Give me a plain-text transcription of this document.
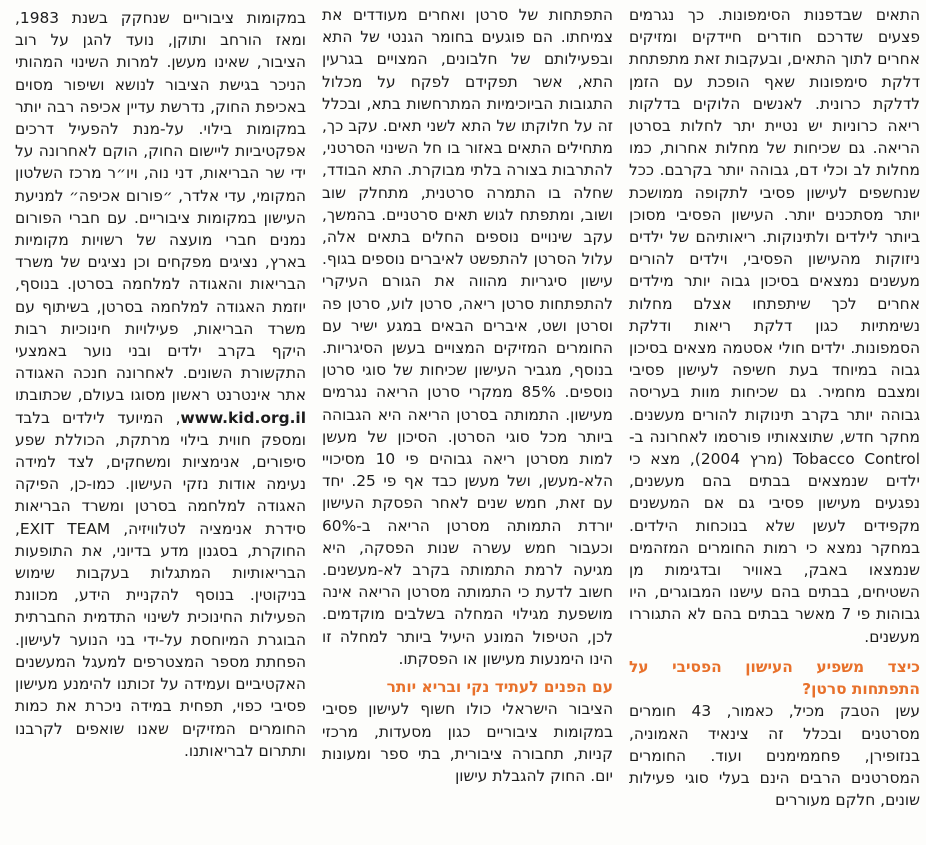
התאים שבדפנות הסימפונות. כך נגרמים פצעים שדרכם חודרים חיידקים ומזיקים אחרים לתוך התאים, ובעקבות זאת מתפתחת דלקת סימפונות שאף הופכת עם הזמן לדלקת כרונית. לאנשים הלוקים בדלקות ריאה כרוניות יש נטיית יתר לחלות בסרטן הריאה. גם שכיחות של מחלות אחרות, כמו מחלות לב וכלי דם, גבוהה יותר בקרבם. ככל שנחשפים לעישון פסיבי לתקופה ממושכת יותר מסתכנים יותר. העישון הפסיבי מסוכן ביותר לילדים ולתינוקות. ריאותיהם של ילדים ניזוקות מהעישון הפסיבי, וילדים להורים מעשנים נמצאים בסיכון גבוה יותר מילדים אחרים לכך שיתפתחו אצלם מחלות נשימתיות כגון דלקת ריאות ודלקת הסמפונות. ילדים חולי אסטמה מצאים בסיכון גבוה במיוחד בעת חשיפה לעישון פסיבי ומצבם מחמיר. גם שכיחות מוות בעריסה גבוהה יותר בקרב תינוקות להורים מעשנים. מחקר חדש, שתוצאותיו פורסמו לאחרונה ב-Tobacco Control (מרץ 2004), מצא כי ילדים שנמצאים בבתים בהם מעשנים, נפגעים מעישון פסיבי גם אם המעשנים מקפידים לעשן שלא בנוכחות הילדים. במחקר נמצא כי רמות החומרים המזהמים שנמצאו באבק, באוויר ובדגימות מן השטיחים, בבתים בהם עישנו המבוגרים, היו גבוהות פי 7 מאשר בבתים בהם לא התגוררו מעשנים.

כיצד משפיע העישון הפסיבי על התפתחות סרטן?

עשן הטבק מכיל, כאמור, 43 חומרים מסרטנים ובכלל זה צינאיד האמוניה, בנזופירן, פחממימנים ועוד. החומרים המסרטנים הרבים הינם בעלי סוגי פעילות שונים, חלקם מעוררים

התפתחות של סרטן ואחרים מעודדים את צמיחתו. הם פוגעים בחומר הגנטי של התא ובפעילותם של חלבונים, המצויים בגרעין התא, אשר תפקידם לפקח על מכלול התגובות הביוכימיות המתרחשות בתא, ובכלל זה על חלוקתו של התא לשני תאים. עקב כך, מתחילים התאים באזור בו חל השינוי הסרטני, להתרבות בצורה בלתי מבוקרת. התא הבודד, שחלה בו התמרה סרטנית, מתחלק שוב ושוב, ומתפתח לגוש תאים סרטניים. בהמשך, עקב שינויים נוספים החלים בתאים אלה, עלול הסרטן להתפשט לאיברים נוספים בגוף. עישון סיגריות מהווה את הגורם העיקרי להתפתחות סרטן ריאה, סרטן לוע, סרטן פה וסרטן ושט, איברים הבאים במגע ישיר עם החומרים המזיקים המצויים בעשן הסיגריות. בנוסף, מגביר העישון שכיחות של סוגי סרטן נוספים. 85% ממקרי סרטן הריאה נגרמים מעישון. התמותה בסרטן הריאה היא הגבוהה ביותר מכל סוגי הסרטן. הסיכון של מעשן למות מסרטן ריאה גבוהים פי 10 מסיכויי הלא-מעשן, ושל מעשן כבד אף פי 25. יחד עם זאת, חמש שנים לאחר הפסקת העישון יורדת התמותה מסרטן הריאה ב-60% וכעבור חמש עשרה שנות הפסקה, היא מגיעה לרמת התמותה בקרב לא-מעשנים. חשוב לדעת כי התמותה מסרטן הריאה אינה מושפעת מגילוי המחלה בשלבים מוקדמים. לכן, הטיפול המונע היעיל ביותר למחלה זו הינו הימנעות מעישון או הפסקתו.

עם הפנים לעתיד נקי ובריא יותר

הציבור הישראלי כולו חשוף לעישון פסיבי במקומות ציבוריים כגון מסעדות, מרכזי קניות, תחבורה ציבורית, בתי ספר ומעונות יום. החוק להגבלת עישון

במקומות ציבוריים שנחקק בשנת 1983, ומאז הורחב ותוקן, נועד להגן על רוב הציבור, שאינו מעשן. למרות השינוי המהותי הניכר בגישת הציבור לנושא ושיפור מסוים באכיפת החוק, נדרשת עדיין אכיפה רבה יותר במקומות בילוי. על-מנת להפעיל דרכים אפקטיביות ליישום החוק, הוקם לאחרונה על ידי שר הבריאות, דני נוה, ויו״ר מרכז השלטון המקומי, עדי אלדר, ״פורום אכיפה״ למניעת העישון במקומות ציבוריים. עם חברי הפורום נמנים חברי מועצה של רשויות מקומיות בארץ, נציגים מפקחים וכן נציגים של משרד הבריאות והאגודה למלחמה בסרטן. בנוסף, יוזמת האגודה למלחמה בסרטן, בשיתוף עם משרד הבריאות, פעילויות חינוכיות רבות היקף בקרב ילדים ובני נוער באמצעי התקשורת השונים. לאחרונה חנכה האגודה אתר אינטרנט ראשון מסוגו בעולם, שכתובתו www.kid.org.il, המיועד לילדים בלבד ומספק חווית בילוי מרתקת, הכוללת שפע סיפורים, אנימציות ומשחקים, לצד למידה נעימה אודות נזקי העישון. כמו-כן, הפיקה האגודה למלחמה בסרטן ומשרד הבריאות סידרת אנימציה לטלוויזיה, EXIT TEAM, החוקרת, בסגנון מדע בדיוני, את התופעות הבריאותיות המתגלות בעקבות שימוש בניקוטין. בנוסף להקניית הידע, מכוונת הפעילות החינוכית לשינוי התדמית החברתית הבוגרת המיוחסת על-ידי בני הנוער לעישון. הפחתת מספר המצטרפים למעגל המעשנים האקטיביים ועמידה על זכותנו להימנע מעישון פסיבי כפוי, תפחית במידה ניכרת את כמות החומרים המזיקים שאנו שואפים לקרבנו ותתרום לבריאותנו.
